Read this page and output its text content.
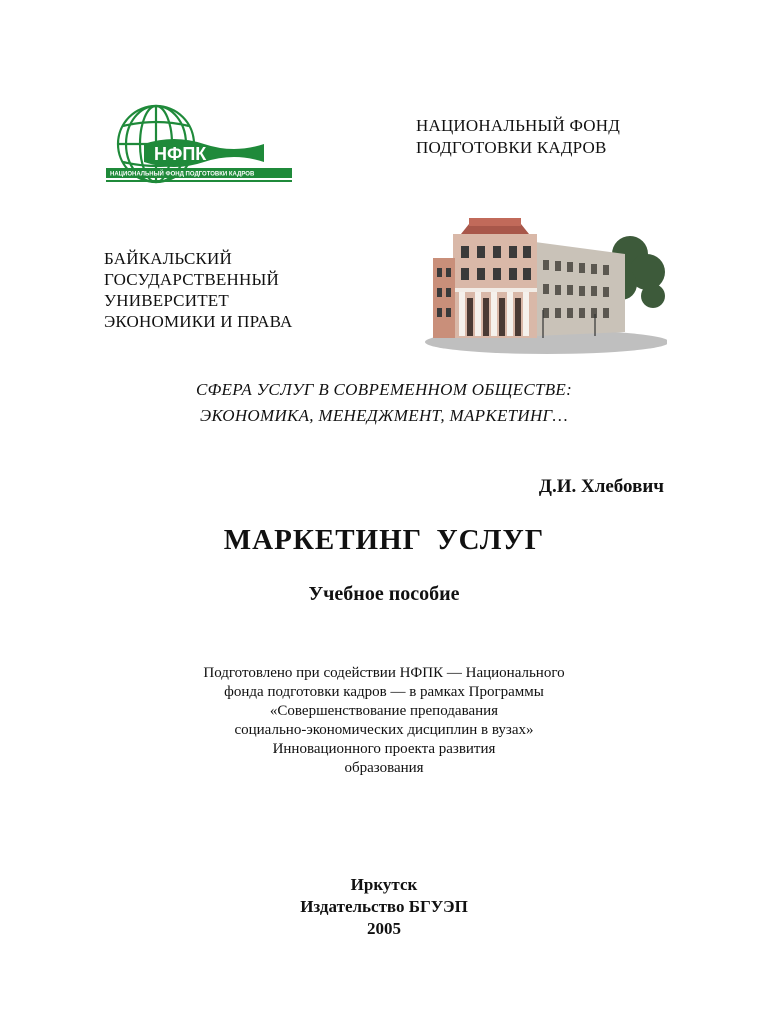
НФПК
НАЦИОНАЛЬНЫЙ ФОНД ПОДГОТОВКИ КАДРОВ
НАЦИОНАЛЬНЫЙ ФОНД
ПОДГОТОВКИ КАДРОВ
БАЙКАЛЬСКИЙ
ГОСУДАРСТВЕННЫЙ
УНИВЕРСИТЕТ
ЭКОНОМИКИ И ПРАВА
СФЕРА УСЛУГ В СОВРЕМЕННОМ ОБЩЕСТВЕ:
ЭКОНОМИКА, МЕНЕДЖМЕНТ, МАРКЕТИНГ…
Д.И. Хлебович
МАРКЕТИНГ УСЛУГ
Учебное пособие
Подготовлено при содействии НФПК — Национального
фонда подготовки кадров — в рамках Программы
«Совершенствование преподавания
социально-экономических дисциплин в вузах»
Инновационного проекта развития
образования
Иркутск
Издательство БГУЭП
2005
